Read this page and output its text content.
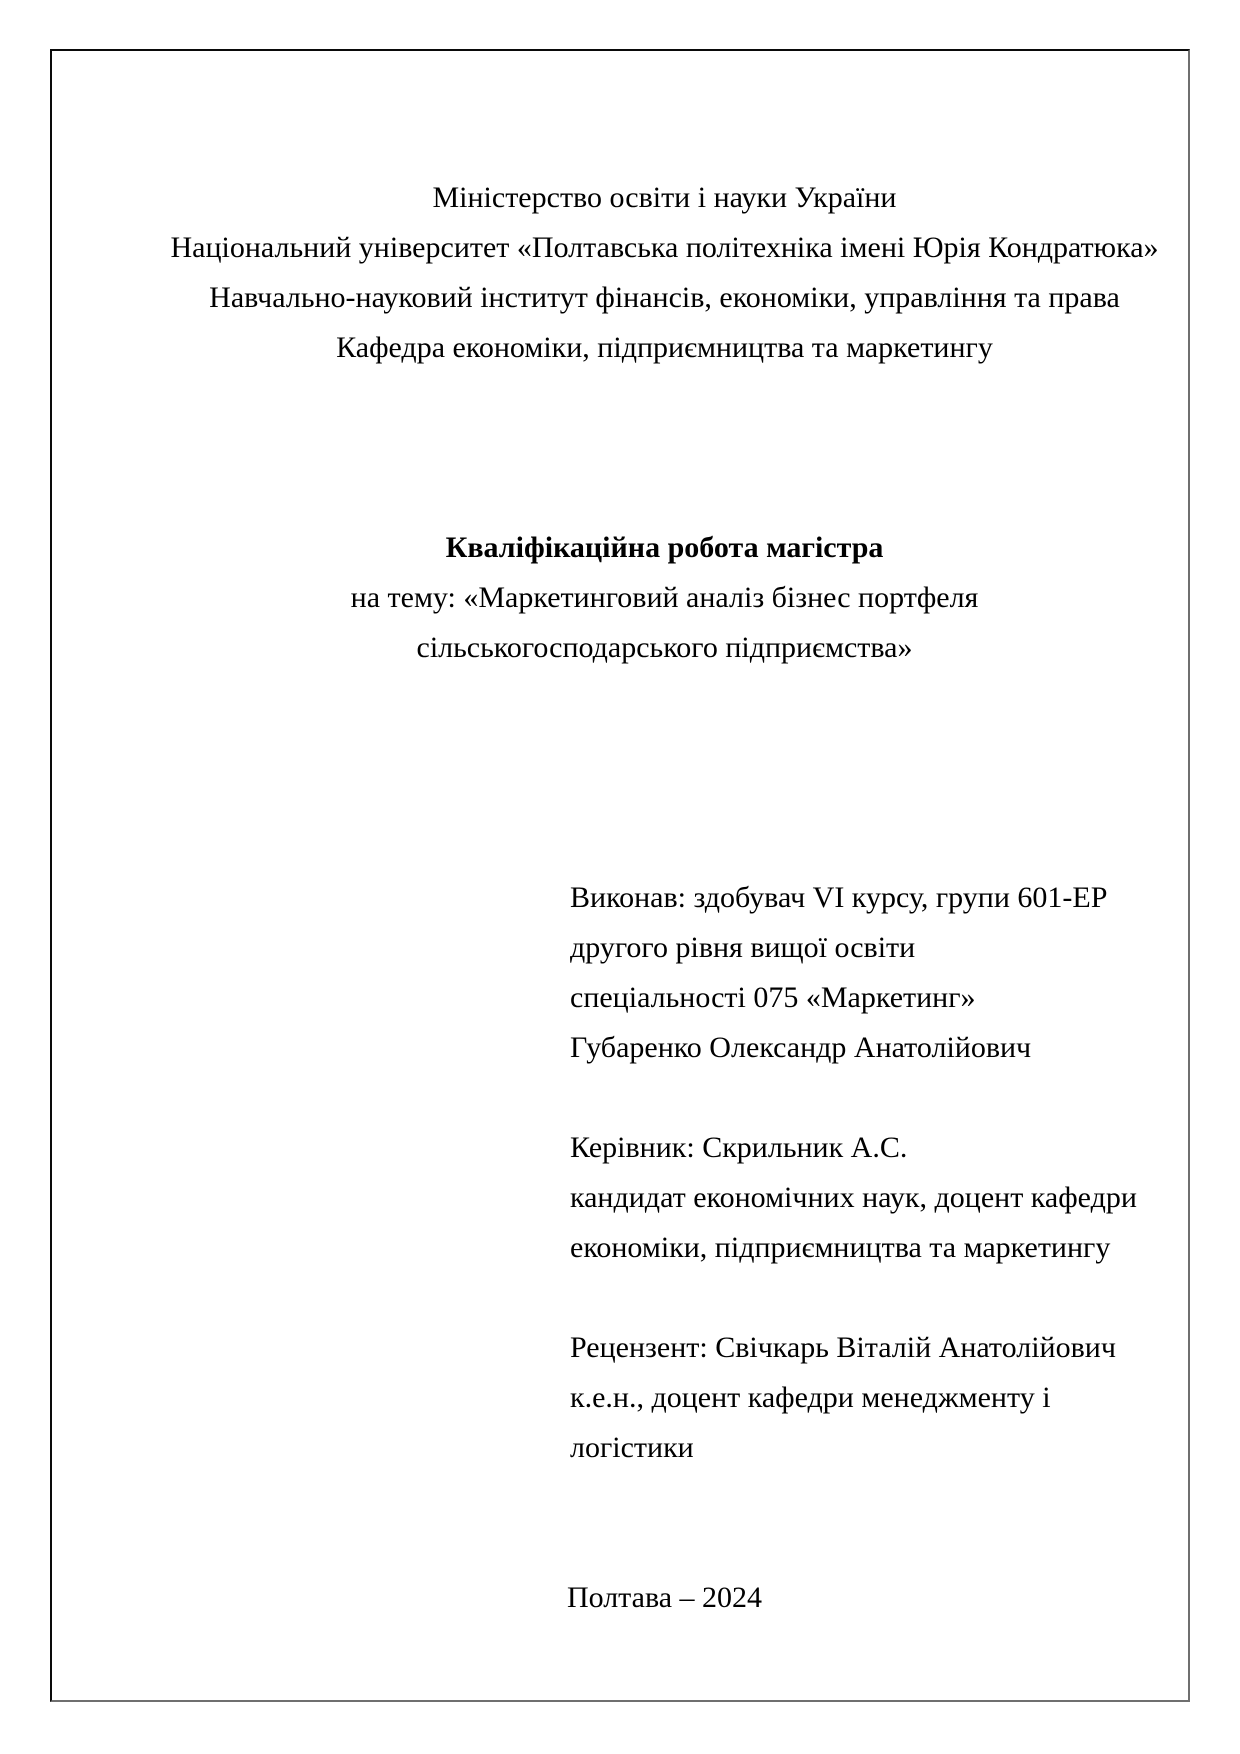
Міністерство освіти і науки України
Національний університет «Полтавська політехніка імені Юрія Кондратюка»
Навчально-науковий інститут фінансів, економіки, управління та права
Кафедра економіки, підприємництва та маркетингу
Кваліфікаційна робота магістра
на тему: «Маркетинговий аналіз бізнес портфеля
сільськогосподарського підприємства»
Виконав: здобувач VI курсу, групи 601-ЕР
другого рівня вищої освіти
спеціальності 075 «Маркетинг»
Губаренко Олександр Анатолійович
Керівник: Скрильник А.С.
кандидат економічних наук, доцент кафедри
економіки, підприємництва та маркетингу
Рецензент: Свічкарь Віталій Анатолійович
к.е.н., доцент кафедри менеджменту і
логістики
Полтава – 2024
